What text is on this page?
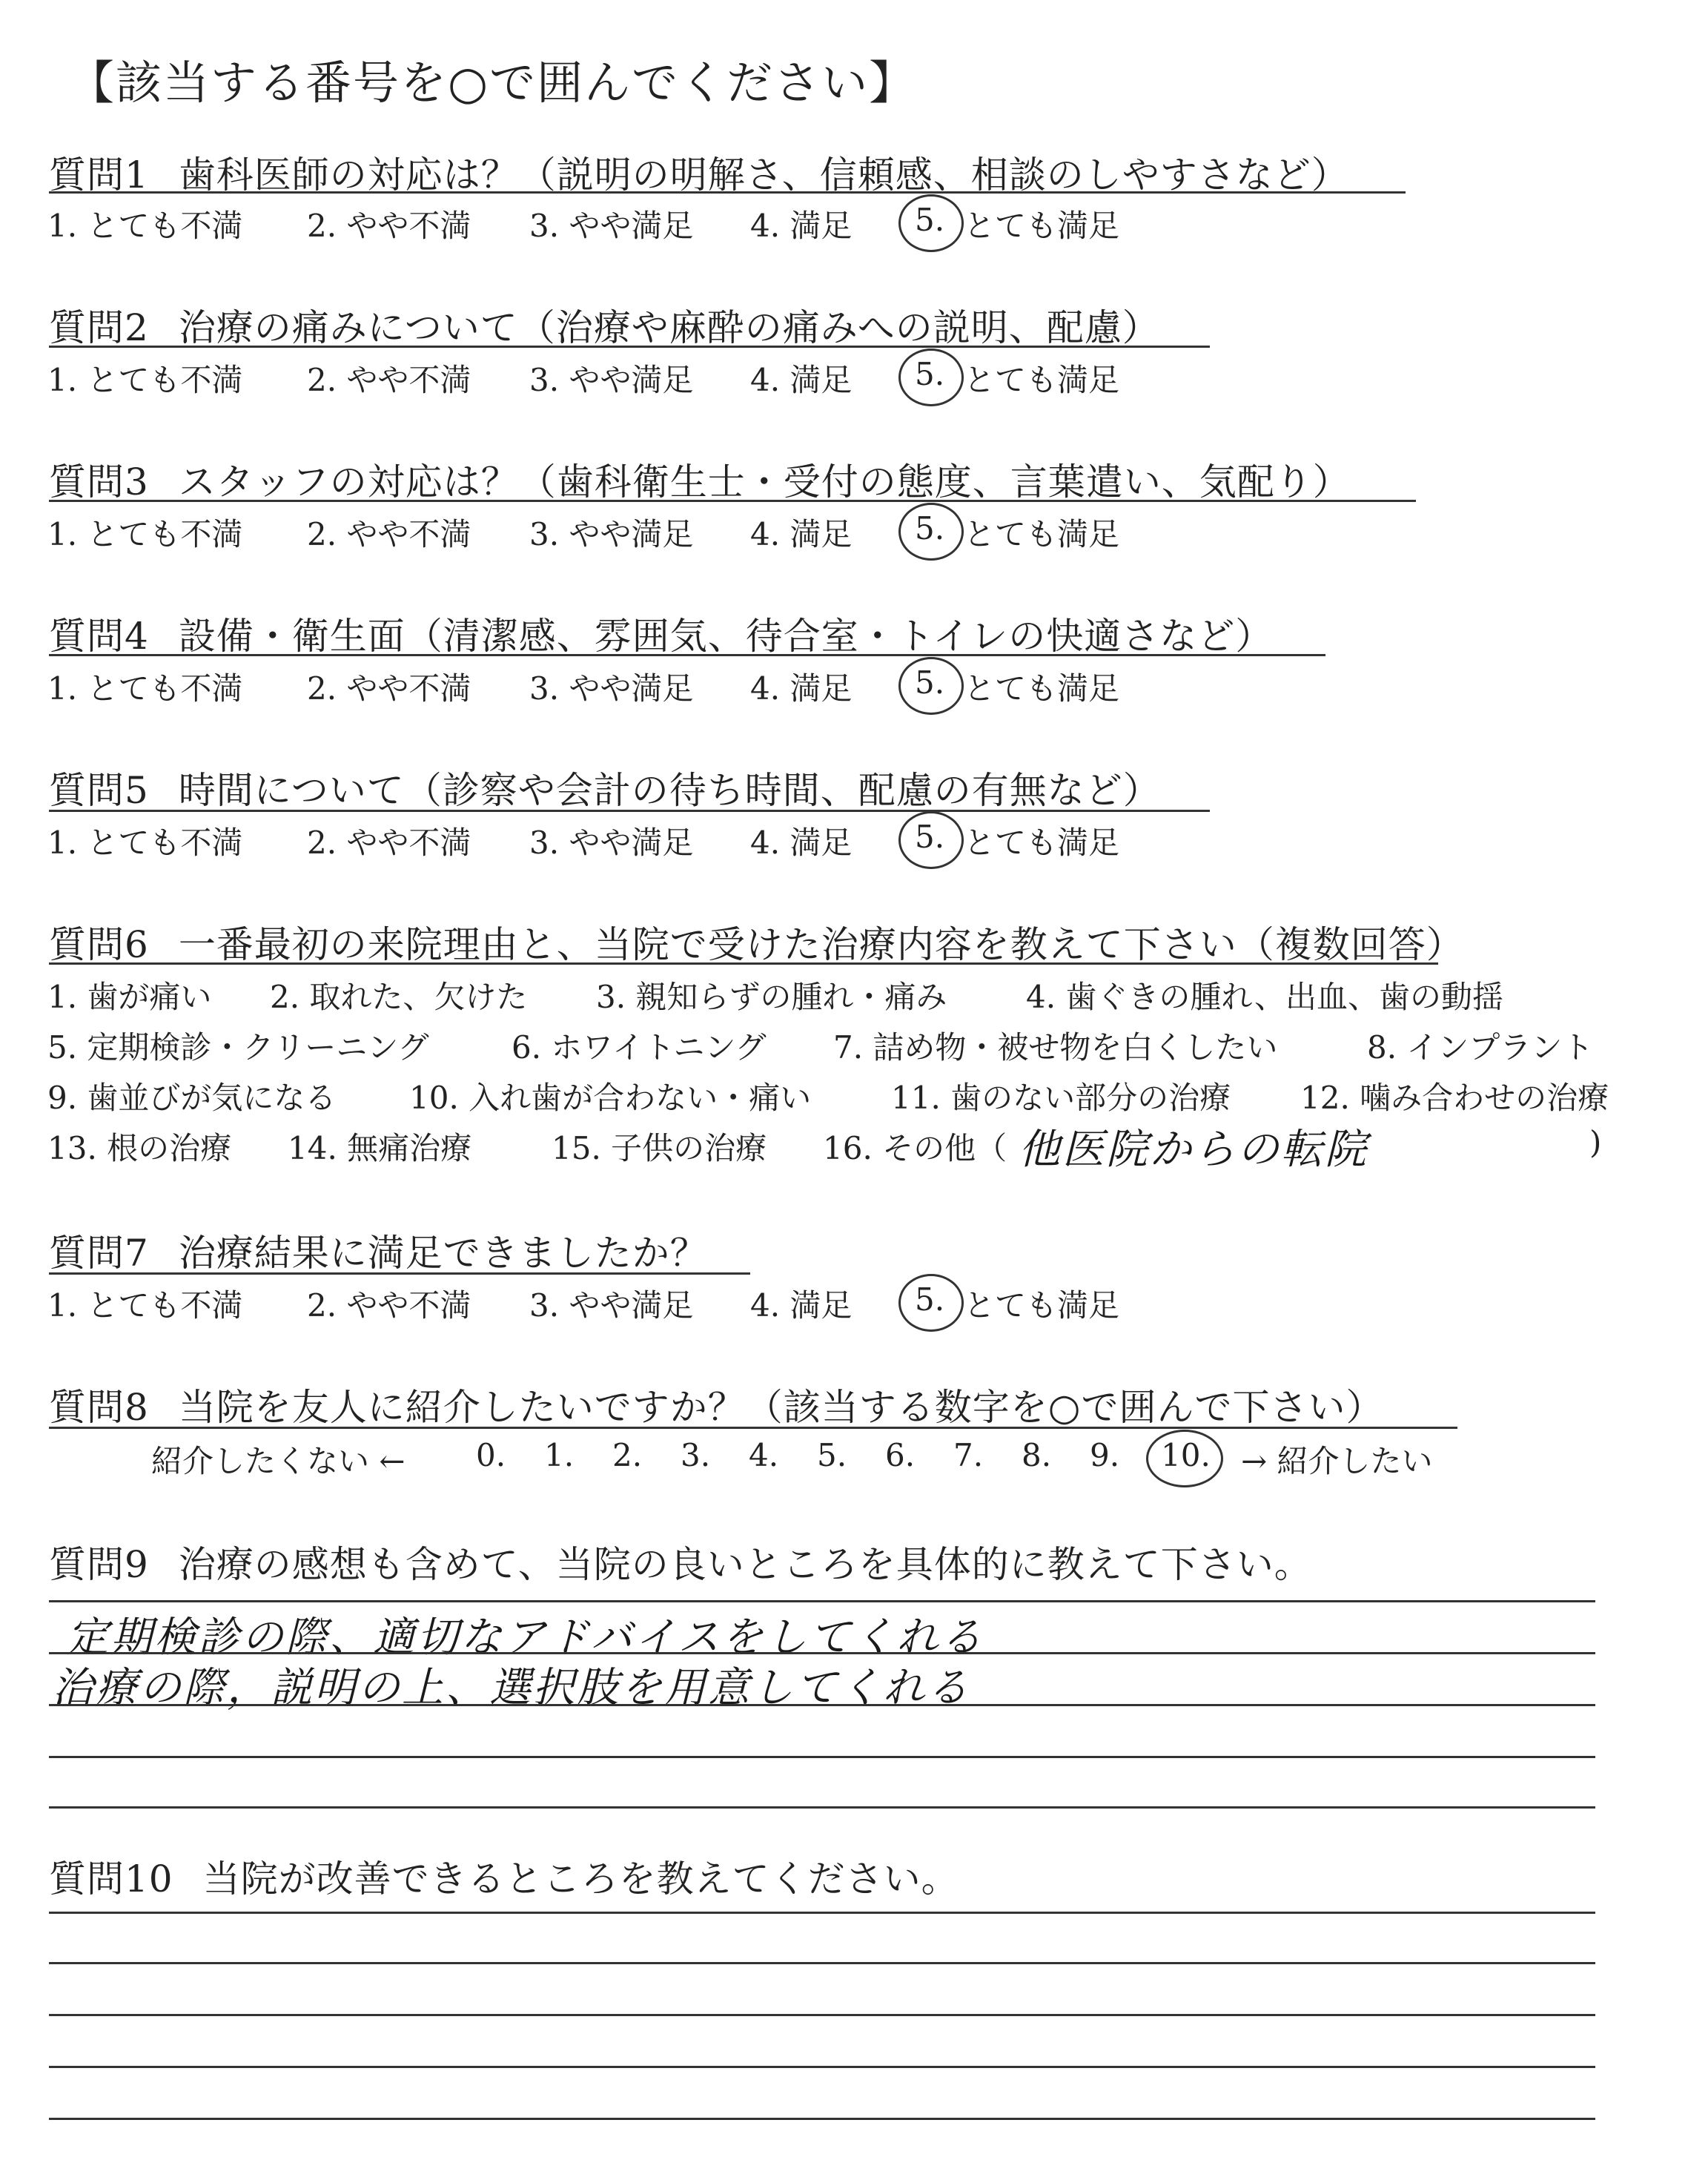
【該当する番号を○で囲んでください】
質問1 歯科医師の対応は？（説明の明解さ、信頼感、相談のしやすさなど）
1. とても不満 2. やや不満 3. やや満足 4. 満足 5. とても満足
質問2 治療の痛みについて（治療や麻酔の痛みへの説明、配慮）
1. とても不満 2. やや不満 3. やや満足 4. 満足 5. とても満足
質問3 スタッフの対応は？（歯科衛生士・受付の態度、言葉遣い、気配り）
1. とても不満 2. やや不満 3. やや満足 4. 満足 5. とても満足
質問4 設備・衛生面（清潔感、雰囲気、待合室・トイレの快適さなど）
1. とても不満 2. やや不満 3. やや満足 4. 満足 5. とても満足
質問5 時間について（診察や会計の待ち時間、配慮の有無など）
1. とても不満 2. やや不満 3. やや満足 4. 満足 5. とても満足
質問6 一番最初の来院理由と、当院で受けた治療内容を教えて下さい（複数回答）
1. 歯が痛い 2. 取れた、欠けた 3. 親知らずの腫れ・痛み	4. 歯ぐきの腫れ、出血、歯の動揺
5. 定期検診・クリーニング	6. ホワイトニング 7. 詰め物・被せ物を白くしたい	8. インプラント
9. 歯並びが気になる 10. 入れ歯が合わない・痛い	11. 歯のない部分の治療 12. 噛み合わせの治療
13. 根の治療 14. 無痛治療	15. 子供の治療 16. その他（ 他医院からの転院	)
質問7 治療結果に満足できましたか？
1. とても不満 2. やや不満 3. やや満足 4. 満足 5. とても満足
質問8 当院を友人に紹介したいですか？（該当する数字を○で囲んで下さい）
紹介したくない ← 0. 1. 2. 3. 4. 5. 6. 7. 8. 9. 10. → 紹介したい
質問9 治療の感想も含めて、当院の良いところを具体的に教えて下さい。
定期検診の際、適切なアドバイスをしてくれる
治療の際，説明の上、選択肢を用意してくれる
質問10 当院が改善できるところを教えてください。
